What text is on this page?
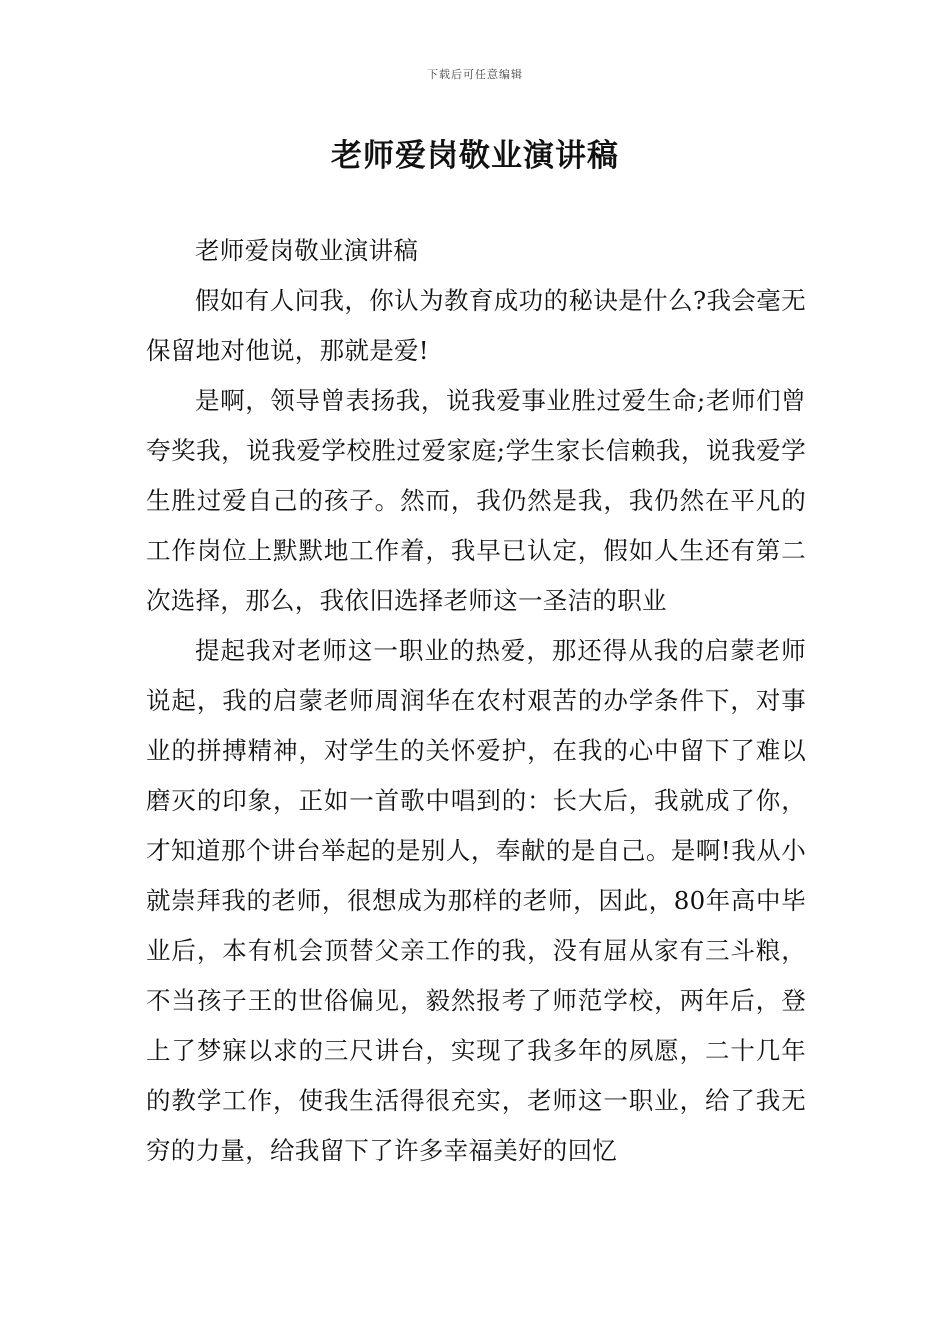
下载后可任意编辑
老师爱岗敬业演讲稿

老师爱岗敬业演讲稿

假如有人问我，你认为教育成功的秘诀是什么?我会毫无保留地对他说，那就是爱!

是啊，领导曾表扬我，说我爱事业胜过爱生命;老师们曾夸奖我，说我爱学校胜过爱家庭;学生家长信赖我，说我爱学生胜过爱自己的孩子。然而，我仍然是我，我仍然在平凡的工作岗位上默默地工作着，我早已认定，假如人生还有第二次选择，那么，我依旧选择老师这一圣洁的职业

提起我对老师这一职业的热爱，那还得从我的启蒙老师说起，我的启蒙老师周润华在农村艰苦的办学条件下，对事业的拼搏精神，对学生的关怀爱护，在我的心中留下了难以磨灭的印象，正如一首歌中唱到的：长大后，我就成了你，才知道那个讲台举起的是别人，奉献的是自己。是啊!我从小就崇拜我的老师，很想成为那样的老师，因此，80年高中毕业后，本有机会顶替父亲工作的我，没有屈从家有三斗粮，不当孩子王的世俗偏见，毅然报考了师范学校，两年后，登上了梦寐以求的三尺讲台，实现了我多年的夙愿，二十几年的教学工作，使我生活得很充实，老师这一职业，给了我无穷的力量，给我留下了许多幸福美好的回忆
